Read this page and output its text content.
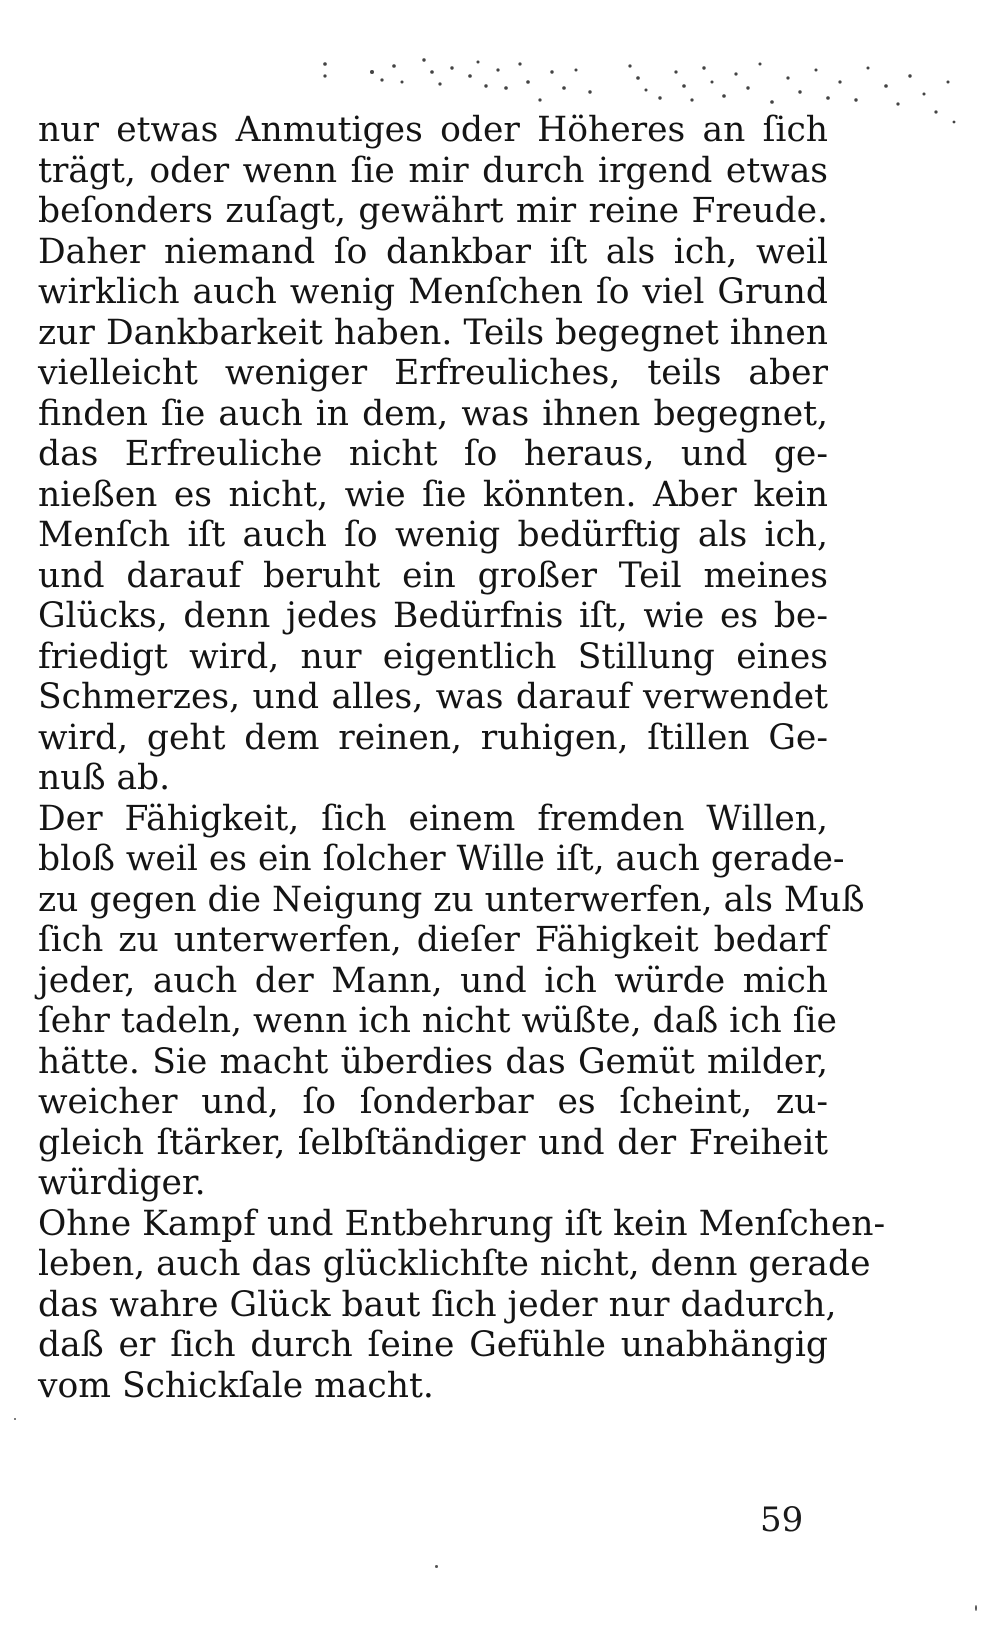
nur etwas Anmutiges oder Höheres an ſich
trägt, oder wenn ſie mir durch irgend etwas
beſonders zuſagt, gewährt mir reine Freude.
Daher niemand ſo dankbar iſt als ich, weil
wirklich auch wenig Menſchen ſo viel Grund
zur Dankbarkeit haben. Teils begegnet ihnen
vielleicht weniger Erfreuliches, teils aber
finden ſie auch in dem, was ihnen begegnet,
das Erfreuliche nicht ſo heraus, und ge-
nießen es nicht, wie ſie könnten. Aber kein
Menſch iſt auch ſo wenig bedürftig als ich,
und darauf beruht ein großer Teil meines
Glücks, denn jedes Bedürfnis iſt, wie es be-
friedigt wird, nur eigentlich Stillung eines
Schmerzes, und alles, was darauf verwendet
wird, geht dem reinen, ruhigen, ſtillen Ge-
nuß ab.
Der Fähigkeit, ſich einem fremden Willen,
bloß weil es ein ſolcher Wille iſt, auch gerade-
zu gegen die Neigung zu unterwerfen, als Muß
ſich zu unterwerfen, dieſer Fähigkeit bedarf
jeder, auch der Mann, und ich würde mich
ſehr tadeln, wenn ich nicht wüßte, daß ich ſie
hätte. Sie macht überdies das Gemüt milder,
weicher und, ſo ſonderbar es ſcheint, zu-
gleich ſtärker, ſelbſtändiger und der Freiheit
würdiger.
Ohne Kampf und Entbehrung iſt kein Menſchen-
leben, auch das glücklichſte nicht, denn gerade
das wahre Glück baut ſich jeder nur dadurch,
daß er ſich durch ſeine Gefühle unabhängig
vom Schickſale macht.
59
